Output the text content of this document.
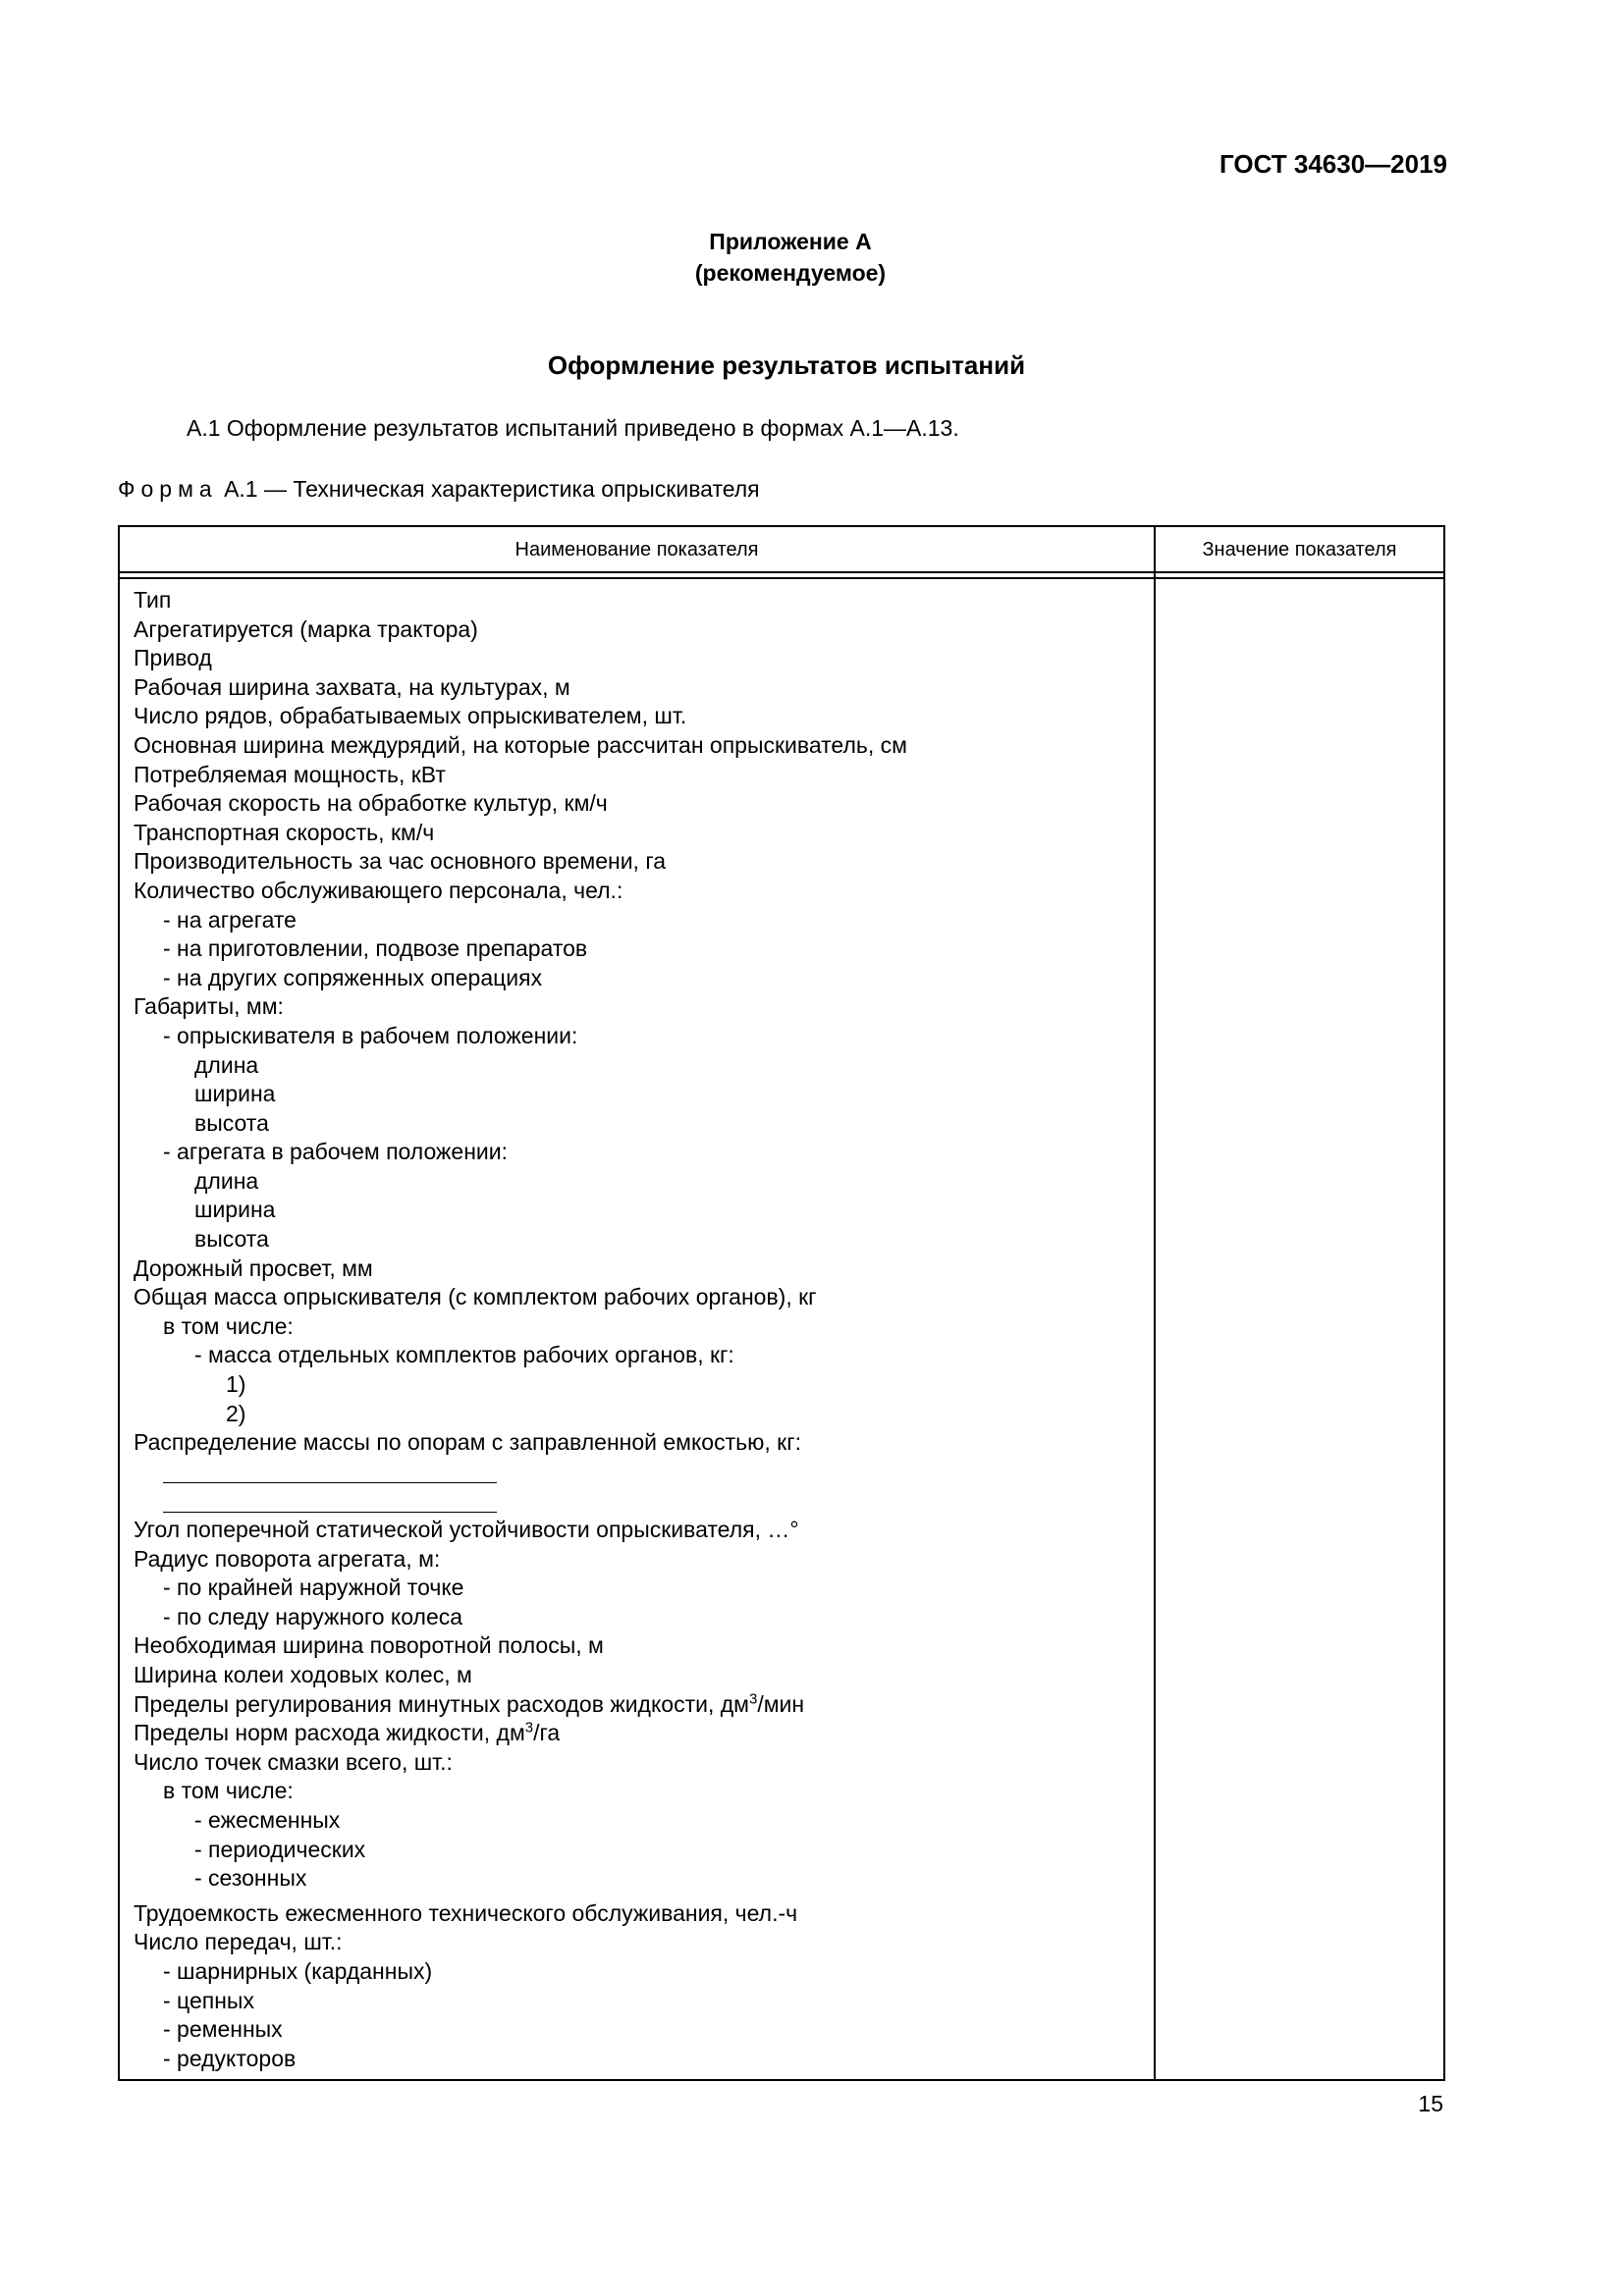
ГОСТ 34630—2019
Приложение А
(рекомендуемое)
Оформление результатов испытаний
А.1 Оформление результатов испытаний приведено в формах А.1—А.13.
Форма А.1 — Техническая характеристика опрыскивателя
Наименование показателя	Значение показателя
Тип
Агрегатируется (марка трактора)
Привод
Рабочая ширина захвата, на культурах, м
Число рядов, обрабатываемых опрыскивателем, шт.
Основная ширина междурядий, на которые рассчитан опрыскиватель, см
Потребляемая мощность, кВт
Рабочая скорость на обработке культур, км/ч
Транспортная скорость, км/ч
Производительность за час основного времени, га
Количество обслуживающего персонала, чел.:
- на агрегате
- на приготовлении, подвозе препаратов
- на других сопряженных операциях
Габариты, мм:
- опрыскивателя в рабочем положении:
длина
ширина
высота
- агрегата в рабочем положении:
длина
ширина
высота
Дорожный просвет, мм
Общая масса опрыскивателя (с комплектом рабочих органов), кг
в том числе:
- масса отдельных комплектов рабочих органов, кг:
1)
2)
Распределение массы по опорам с заправленной емкостью, кг:
Угол поперечной статической устойчивости опрыскивателя, …°
Радиус поворота агрегата, м:
- по крайней наружной точке
- по следу наружного колеса
Необходимая ширина поворотной полосы, м
Ширина колеи ходовых колес, м
Пределы регулирования минутных расходов жидкости, $дм^3$/мин
Пределы норм расхода жидкости, $дм^3/га$
Число точек смазки всего, шт.:
в том числе:
- ежесменных
- периодических
- сезонных
Трудоемкость ежесменного технического обслуживания, чел.-ч
Число передач, шт.:
- шарнирных (карданных)
- цепных
- ременных
- редукторов
15
